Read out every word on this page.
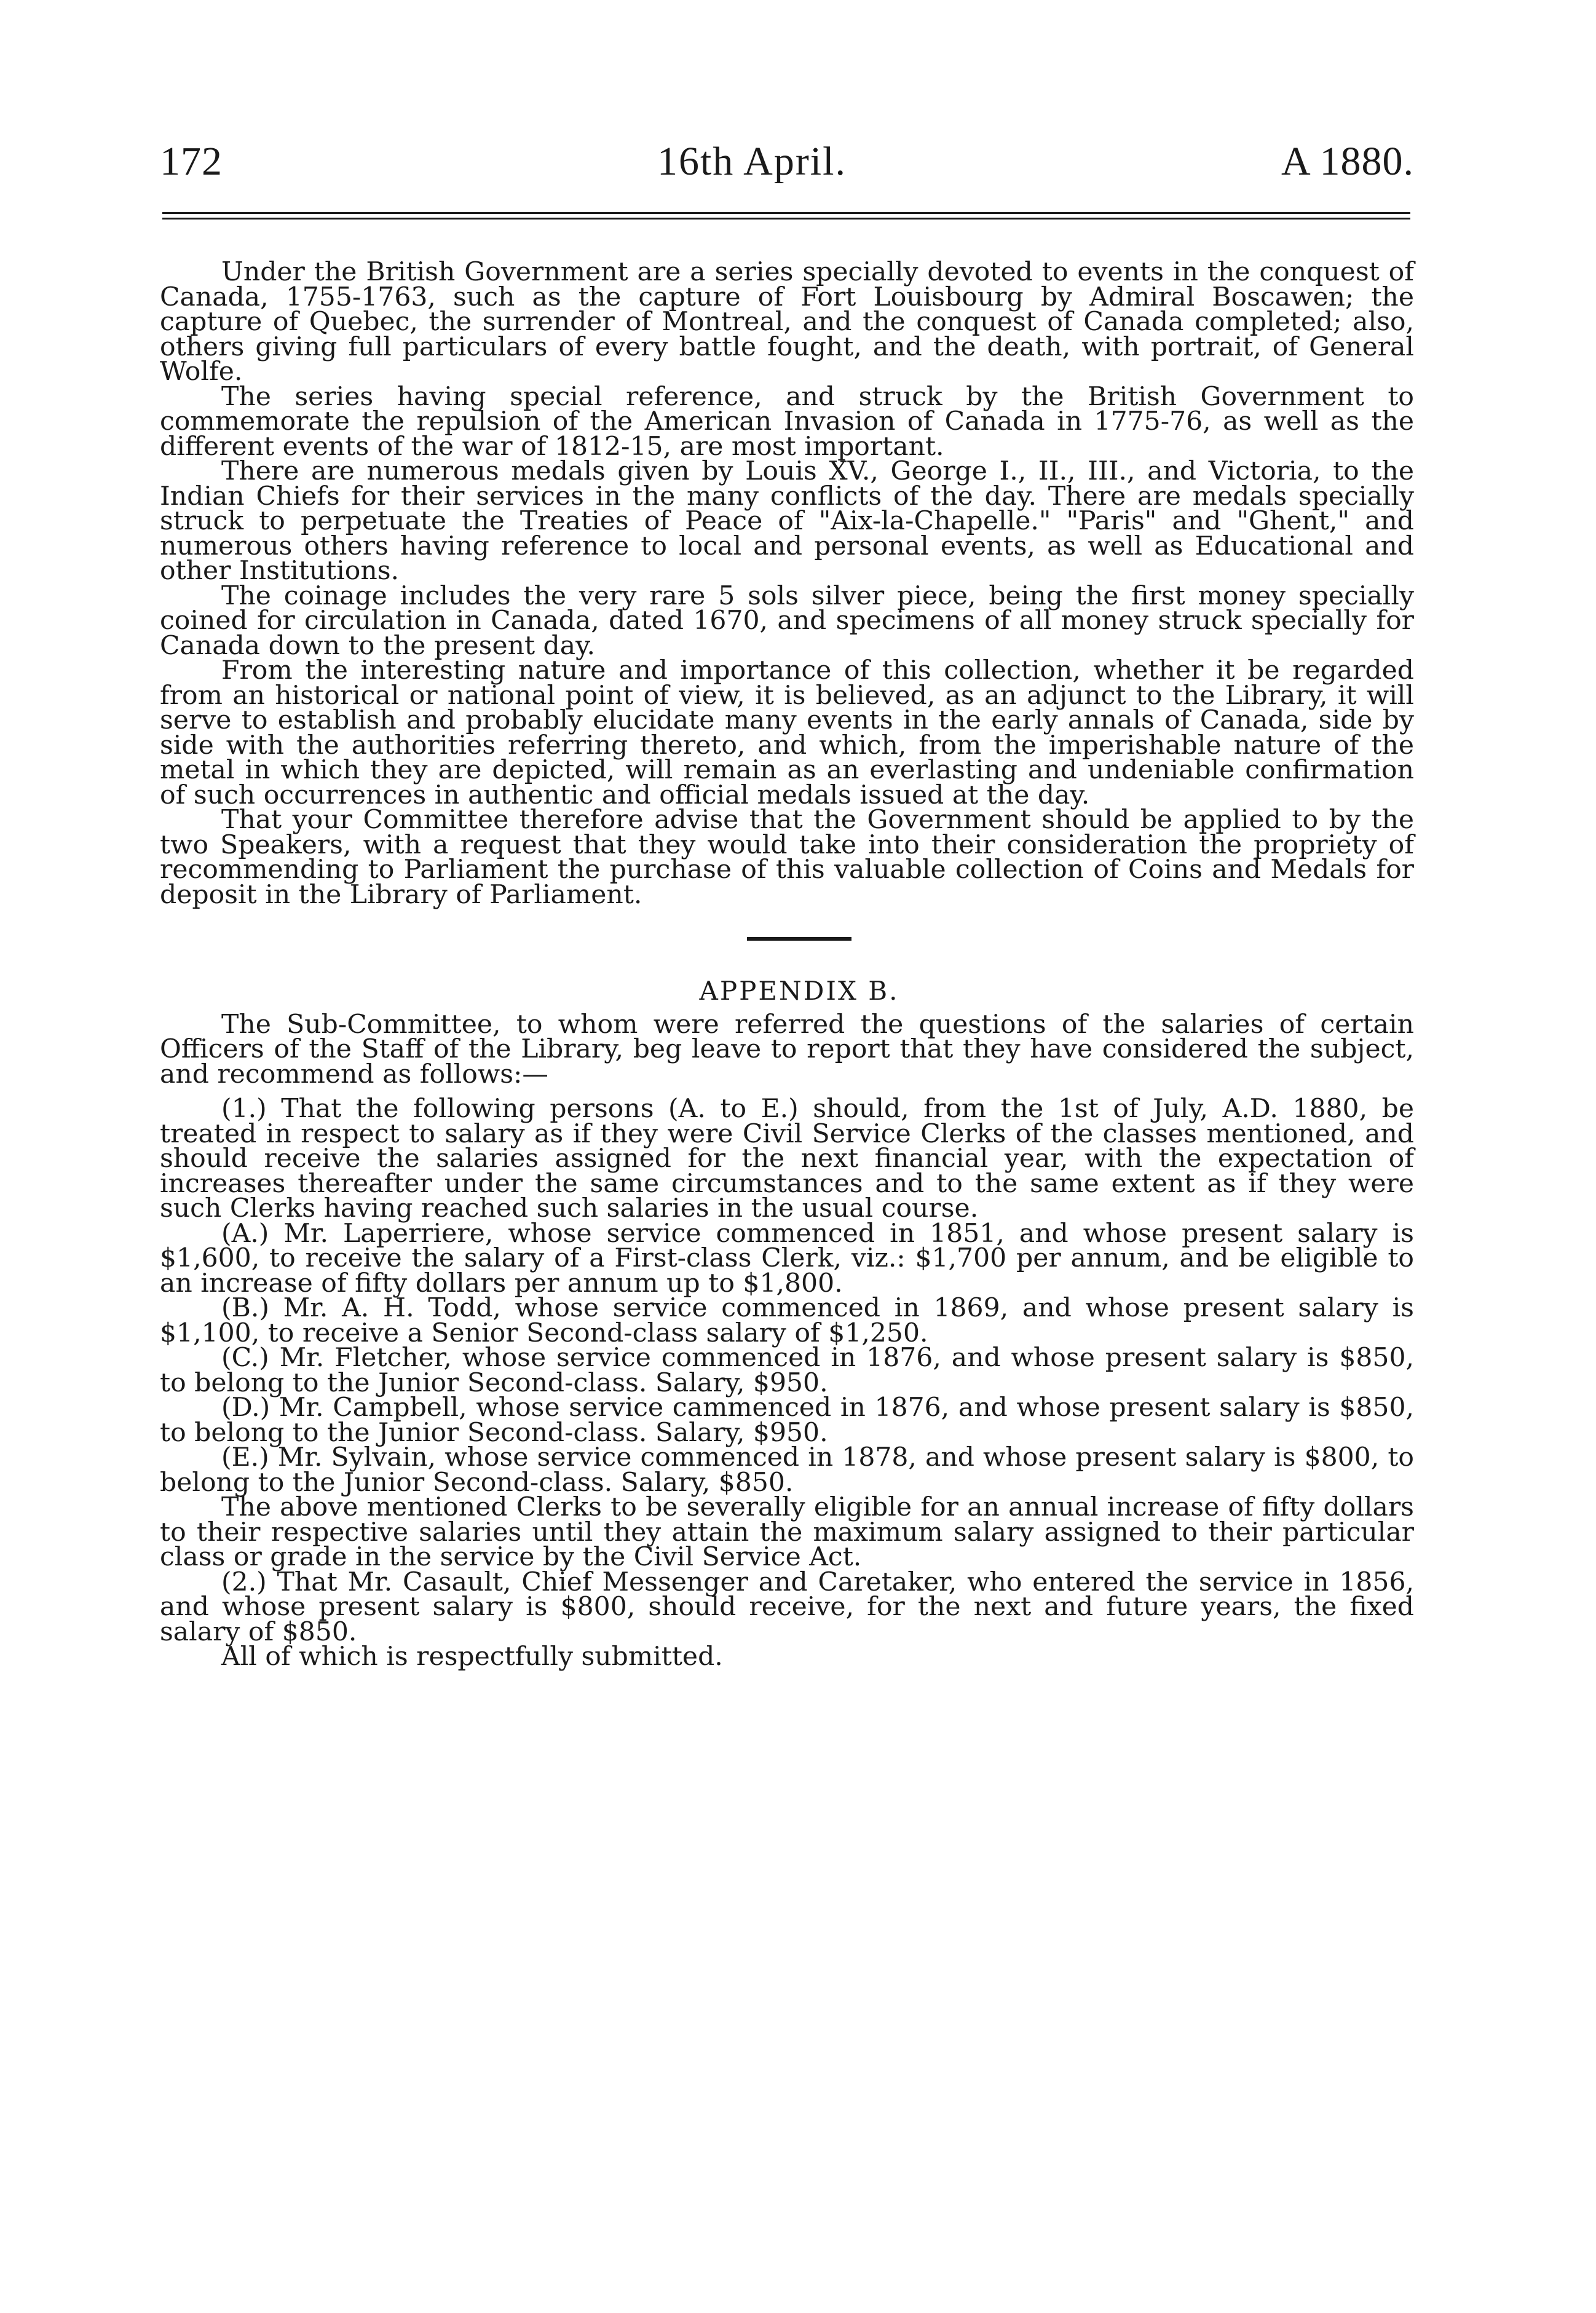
172	16th April.	A 1880.

Under the British Government are a series specially devoted to events in the conquest of Canada, 1755-1763, such as the capture of Fort Louisbourg by Admiral Boscawen; the capture of Quebec, the surrender of Montreal, and the conquest of Canada completed; also, others giving full particulars of every battle fought, and the death, with portrait, of General Wolfe.

The series having special reference, and struck by the British Government to commemorate the repulsion of the American Invasion of Canada in 1775-76, as well as the different events of the war of 1812-15, are most important.

There are numerous medals given by Louis XV., George I., II., III., and Victoria, to the Indian Chiefs for their services in the many conflicts of the day. There are medals specially struck to perpetuate the Treaties of Peace of "Aix-la-Chapelle." "Paris" and "Ghent," and numerous others having reference to local and personal events, as well as Educational and other Institutions.

The coinage includes the very rare 5 sols silver piece, being the first money specially coined for circulation in Canada, dated 1670, and specimens of all money struck specially for Canada down to the present day.

From the interesting nature and importance of this collection, whether it be regarded from an historical or national point of view, it is believed, as an adjunct to the Library, it will serve to establish and probably elucidate many events in the early annals of Canada, side by side with the authorities referring thereto, and which, from the imperishable nature of the metal in which they are depicted, will remain as an everlasting and undeniable confirmation of such occurrences in authentic and official medals issued at the day.

That your Committee therefore advise that the Government should be applied to by the two Speakers, with a request that they would take into their consideration the propriety of recommending to Parliament the purchase of this valuable collection of Coins and Medals for deposit in the Library of Parliament.

APPENDIX B.

The Sub-Committee, to whom were referred the questions of the salaries of certain Officers of the Staff of the Library, beg leave to report that they have considered the subject, and recommend as follows:—

(1.) That the following persons (A. to E.) should, from the 1st of July, A.D. 1880, be treated in respect to salary as if they were Civil Service Clerks of the classes mentioned, and should receive the salaries assigned for the next financial year, with the expectation of increases thereafter under the same circumstances and to the same extent as if they were such Clerks having reached such salaries in the usual course.

(A.) Mr. Laperriere, whose service commenced in 1851, and whose present salary is $1,600, to receive the salary of a First-class Clerk, viz.: $1,700 per annum, and be eligible to an increase of fifty dollars per annum up to $1,800.

(B.) Mr. A. H. Todd, whose service commenced in 1869, and whose present salary is $1,100, to receive a Senior Second-class salary of $1,250.

(C.) Mr. Fletcher, whose service commenced in 1876, and whose present salary is $850, to belong to the Junior Second-class. Salary, $950.

(D.) Mr. Campbell, whose service cammenced in 1876, and whose present salary is $850, to belong to the Junior Second-class. Salary, $950.

(E.) Mr. Sylvain, whose service commenced in 1878, and whose present salary is $800, to belong to the Junior Second-class. Salary, $850.

The above mentioned Clerks to be severally eligible for an annual increase of fifty dollars to their respective salaries until they attain the maximum salary assigned to their particular class or grade in the service by the Civil Service Act.

(2.) That Mr. Casault, Chief Messenger and Caretaker, who entered the service in 1856, and whose present salary is $800, should receive, for the next and future years, the fixed salary of $850.

All of which is respectfully submitted.
